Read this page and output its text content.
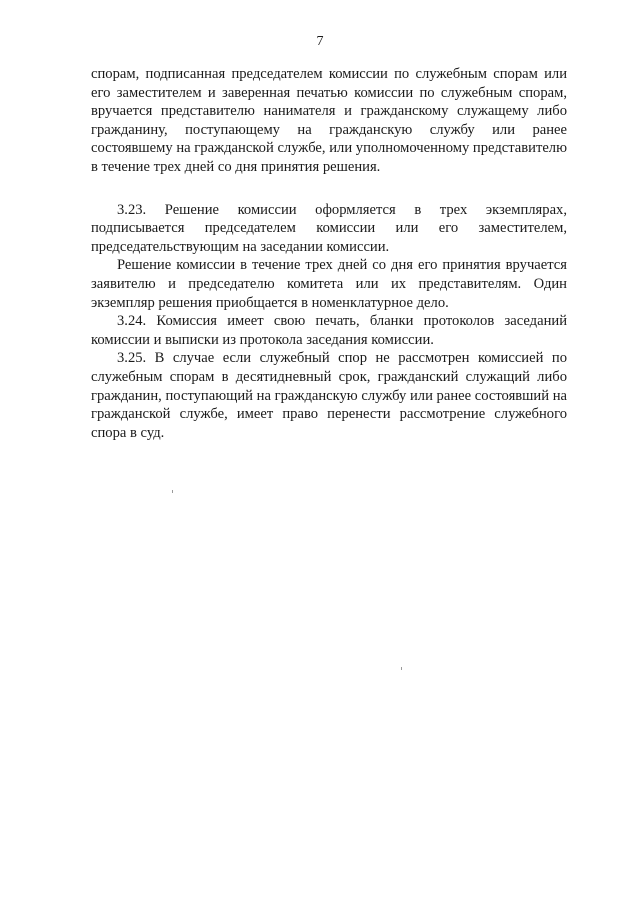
7

спорам, подписанная председателем комиссии по служебным спорам или его заместителем и заверенная печатью комиссии по служебным спорам, вручается представителю нанимателя и гражданскому служащему либо гражданину, поступающему на гражданскую службу или ранее состоявшему на гражданской службе, или уполномоченному представителю в течение трех дней со дня принятия решения.

3.23. Решение комиссии оформляется в трех экземплярах, подписывается председателем комиссии или его заместителем, председательствующим на заседании комиссии.

Решение комиссии в течение трех дней со дня его принятия вручается заявителю и председателю комитета или их представителям. Один экземпляр решения приобщается в номенклатурное дело.

3.24. Комиссия имеет свою печать, бланки протоколов заседаний комиссии и выписки из протокола заседания комиссии.

3.25. В случае если служебный спор не рассмотрен комиссией по служебным спорам в десятидневный срок, гражданский служащий либо гражданин, поступающий на гражданскую службу или ранее состоявший на гражданской службе, имеет право перенести рассмотрение служебного спора в суд.
